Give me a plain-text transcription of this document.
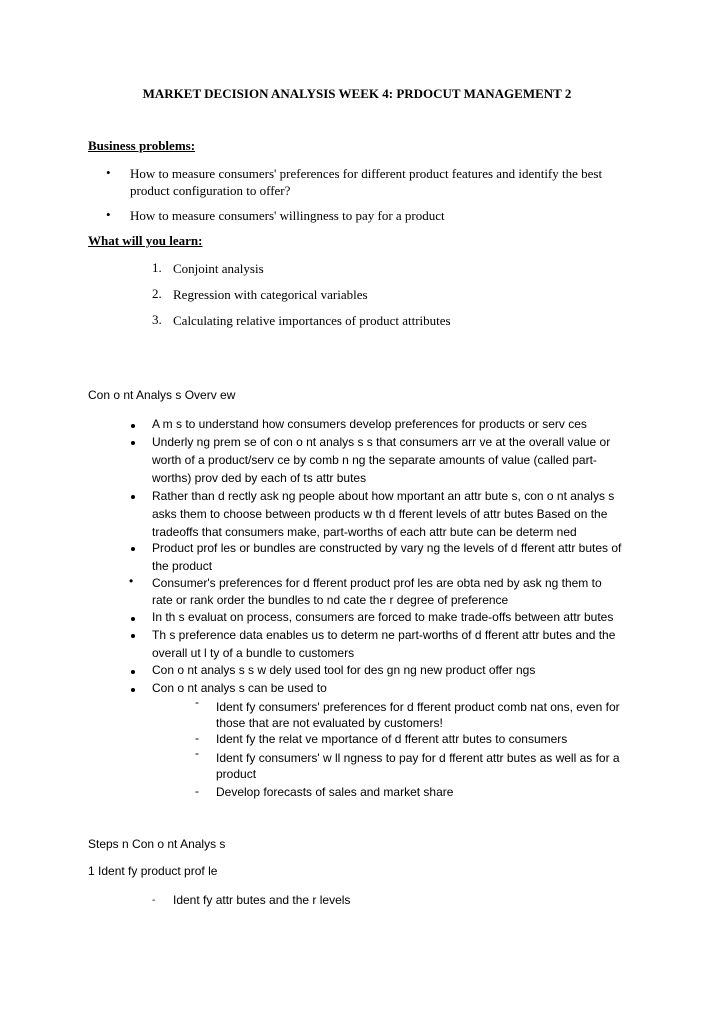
MARKET DECISION ANALYSIS WEEK 4: PRDOCUT MANAGEMENT 2
Business problems:
• How to measure consumers' preferences for different product features and identify the best product configuration to offer?
• How to measure consumers' willingness to pay for a product
What will you learn:
1. Conjoint analysis
2. Regression with categorical variables
3. Calculating relative importances of product attributes
Con o nt Analys s Overv ew
A m s to understand how consumers develop preferences for products or serv ces
Underly ng prem se of con o nt analys s s that consumers arr ve at the overall value or worth of a product/serv ce by comb n ng the separate amounts of value (called part-worths) prov ded by each of ts attr butes
Rather than d rectly ask ng people about how mportant an attr bute s, con o nt analys s asks them to choose between products w th d fferent levels of attr butes Based on the tradeoffs that consumers make, part-worths of each attr bute can be determ ned
Product prof les or bundles are constructed by vary ng the levels of d fferent attr butes of the product
• Consumer's preferences for d fferent product prof les are obta ned by ask ng them to rate or rank order the bundles to nd cate the r degree of preference
In th s evaluat on process, consumers are forced to make trade-offs between attr butes
Th s preference data enables us to determ ne part-worths of d fferent attr butes and the overall ut l ty of a bundle to customers
Con o nt analys s s w dely used tool for des gn ng new product offer ngs
Con o nt analys s can be used to
- Ident fy consumers' preferences for d fferent product comb nat ons, even for those that are not evaluated by customers!
- Ident fy the relat ve mportance of d fferent attr butes to consumers
- Ident fy consumers' w ll ngness to pay for d fferent attr butes as well as for a product
- Develop forecasts of sales and market share
Steps n Con o nt Analys s
1 Ident fy product prof le
- Ident fy attr butes and the r levels
